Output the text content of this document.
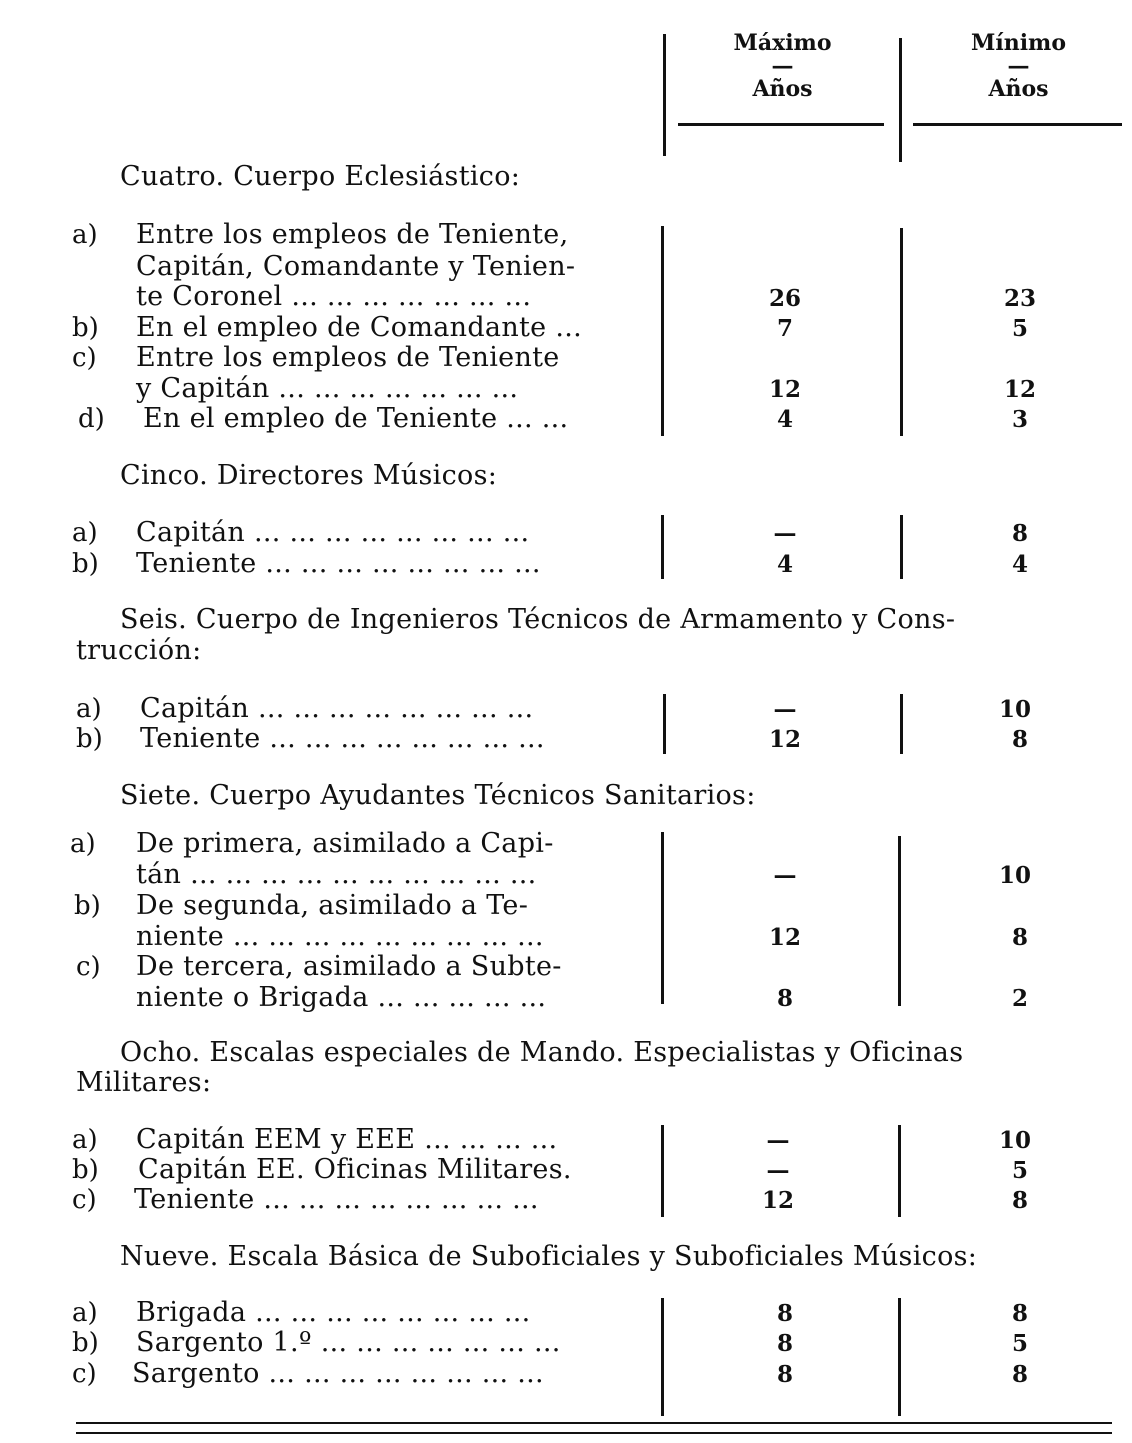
Máximo
—
Años
Mínimo
—
Años
Cuatro. Cuerpo Eclesiástico:
a) Entre los empleos de Teniente,
Capitán, Comandante y Tenien-
te Coronel ... ... ... ... ... ... ...	26	23
b) En el empleo de Comandante ...	7	5
c) Entre los empleos de Teniente
y Capitán ... ... ... ... ... ... ...	12	12
d) En el empleo de Teniente ... ...	4	3
Cinco. Directores Músicos:
a) Capitán ... ... ... ... ... ... ... ...	—	8
b) Teniente ... ... ... ... ... ... ... ...	4	4
Seis. Cuerpo de Ingenieros Técnicos de Armamento y Cons-
trucción:
a) Capitán ... ... ... ... ... ... ... ...	—	10
b) Teniente ... ... ... ... ... ... ... ...	12	8
Siete. Cuerpo Ayudantes Técnicos Sanitarios:
a) De primera, asimilado a Capi-
tán ... ... ... ... ... ... ... ... ... ...	—	10
b) De segunda, asimilado a Te-
niente ... ... ... ... ... ... ... ... ...	12	8
c) De tercera, asimilado a Subte-
niente o Brigada ... ... ... ... ...	8	2
Ocho. Escalas especiales de Mando. Especialistas y Oficinas
Militares:
a) Capitán EEM y EEE ... ... ... ...	—	10
b) Capitán EE. Oficinas Militares.	—	5
c) Teniente ... ... ... ... ... ... ... ...	12	8
Nueve. Escala Básica de Suboficiales y Suboficiales Músicos:
a) Brigada ... ... ... ... ... ... ... ...	8	8
b) Sargento 1.º ... ... ... ... ... ... ...	8	5
c) Sargento ... ... ... ... ... ... ... ...	8	8
